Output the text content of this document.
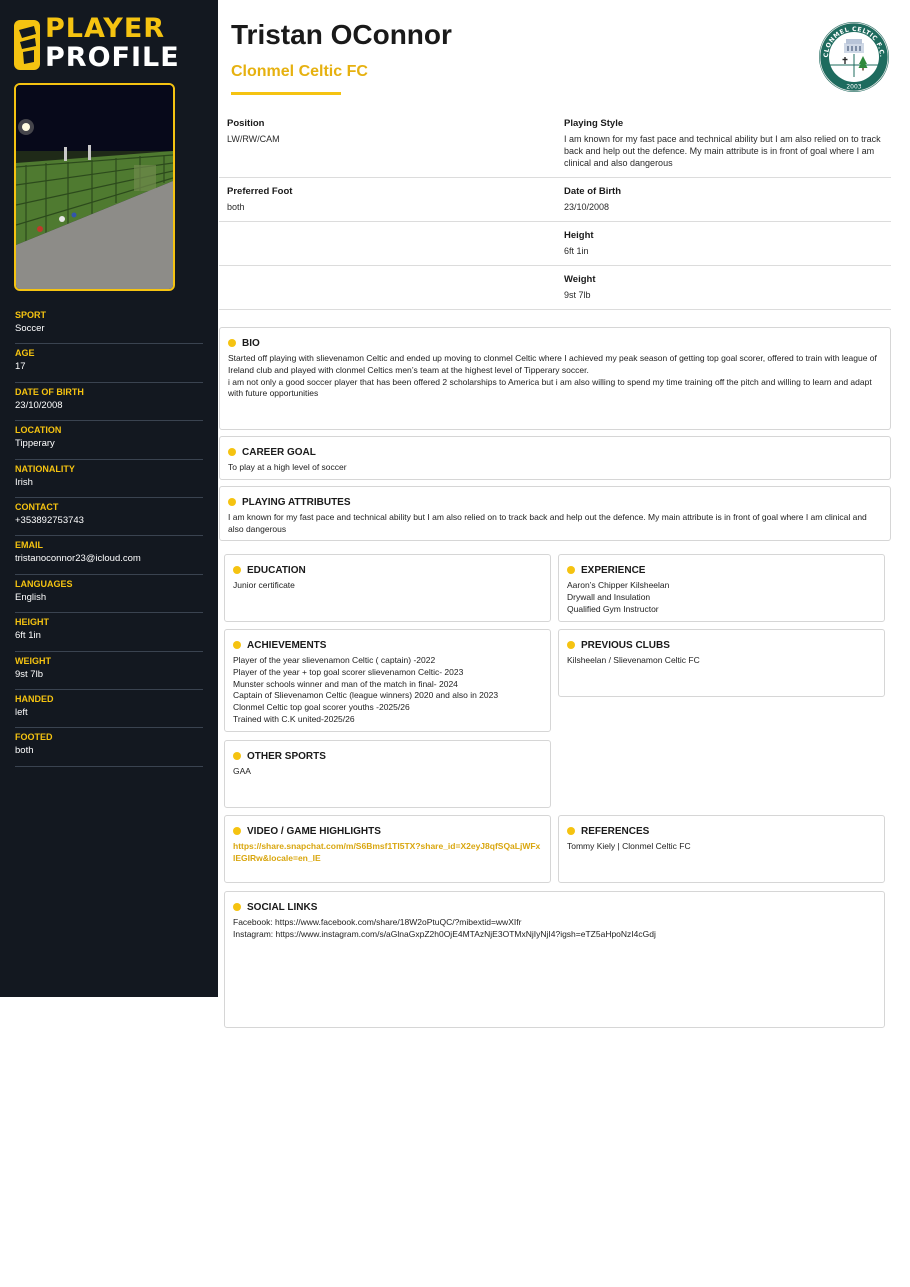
PLAYER
PROFILE
SPORT
Soccer
AGE
17
DATE OF BIRTH
23/10/2008
LOCATION
Tipperary
NATIONALITY
Irish
CONTACT
+353892753743
EMAIL
tristanoconnor23@icloud.com
LANGUAGES
English
HEIGHT
6ft 1in
WEIGHT
9st 7lb
HANDED
left
FOOTED
both
Tristan OConnor
Clonmel Celtic FC
CLONMEL CELTIC F.C.
2003
Position
LW/RW/CAM
Playing Style
I am known for my fast pace and technical ability but I am also relied on to track back and help out the defence. My main attribute is in front of goal where I am clinical and also dangerous
Preferred Foot
both
Date of Birth
23/10/2008
Height
6ft 1in
Weight
9st 7lb
BIO

Started off playing with slievenamon Celtic and ended up moving to clonmel Celtic where I achieved my peak season of getting top goal scorer, offered to train with league of Ireland club and played with clonmel Celtics men’s team at the highest level of Tipperary soccer.

i am not only a good soccer player that has been offered 2 scholarships to America but i am also willing to spend my time training off the pitch and willing to learn and adapt with future opportunities

CAREER GOAL

To play at a high level of soccer

PLAYING ATTRIBUTES

I am known for my fast pace and technical ability but I am also relied on to track back and help out the defence. My main attribute is in front of goal where I am clinical and also dangerous

EDUCATION

Junior certificate

EXPERIENCE

Aaron’s Chipper Kilsheelan

Drywall and Insulation

Qualified Gym Instructor

ACHIEVEMENTS

Player of the year slievenamon Celtic ( captain) -2022

Player of the year + top goal scorer slievenamon Celtic- 2023

Munster schools winner and man of the match in final- 2024

Captain of Slievenamon Celtic (league winners) 2020 and also in 2023

Clonmel Celtic top goal scorer youths -2025/26

Trained with C.K united-2025/26

PREVIOUS CLUBS

Kilsheelan / Slievenamon Celtic FC

OTHER SPORTS

GAA

VIDEO / GAME HIGHLIGHTS

https://share.snapchat.com/m/S6Bmsf1TI5TX?share_id=X2eyJ8qfSQaLjWFxlEGIRw&locale=en_IE

REFERENCES

Tommy Kiely | Clonmel Celtic FC

SOCIAL LINKS

Facebook: https://www.facebook.com/share/18W2oPtuQC/?mibextid=wwXIfr

Instagram: https://www.instagram.com/s/aGlnaGxpZ2h0OjE4MTAzNjE3OTMxNjIyNjI4?igsh=eTZ5aHpoNzI4cGdj
